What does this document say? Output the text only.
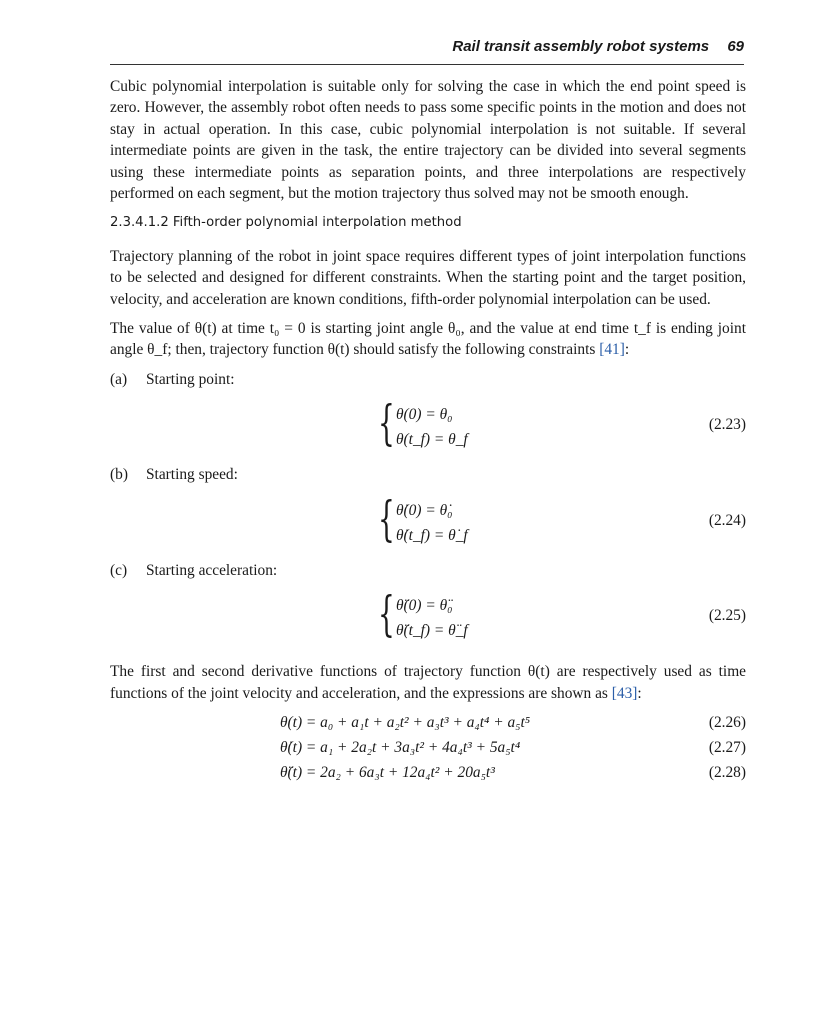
Rail transit assembly robot systems 69

Cubic polynomial interpolation is suitable only for solving the case in which the end point speed is zero. However, the assembly robot often needs to pass some specific points in the motion and does not stay in actual operation. In this case, cubic polynomial interpolation is not suitable. If several intermediate points are given in the task, the entire trajectory can be divided into several segments using these intermediate points as separation points, and three interpolations are respectively performed on each segment, but the motion trajectory thus solved may not be smooth enough.

2.3.4.1.2 Fifth-order polynomial interpolation method

Trajectory planning of the robot in joint space requires different types of joint interpolation functions to be selected and designed for different constraints. When the starting point and the target position, velocity, and acceleration are known conditions, fifth-order polynomial interpolation can be used.

The value of θ(t) at time t₀ = 0 is starting joint angle θ₀, and the value at end time t_f is ending joint angle θ_f; then, trajectory function θ(t) should satisfy the following constraints [41]:

(a) Starting point:
{ θ(0) = θ₀
θ(t_f) = θ_f
(2.23)
(b) Starting speed:
{ θ̇(0) = θ̇₀
θ̇(t_f) = θ̇_f
(2.24)
(c) Starting acceleration:
{ θ̈(0) = θ̈₀
θ̈(t_f) = θ̈_f
(2.25)

The first and second derivative functions of trajectory function θ(t) are respectively used as time functions of the joint velocity and acceleration, and the expressions are shown as [43]:

θ(t) = a₀ + a₁t + a₂t² + a₃t³ + a₄t⁴ + a₅t⁵	(2.26)
θ̇(t) = a₁ + 2a₂t + 3a₃t² + 4a₄t³ + 5a₅t⁴	(2.27)
θ̈(t) = 2a₂ + 6a₃t + 12a₄t² + 20a₅t³	(2.28)
